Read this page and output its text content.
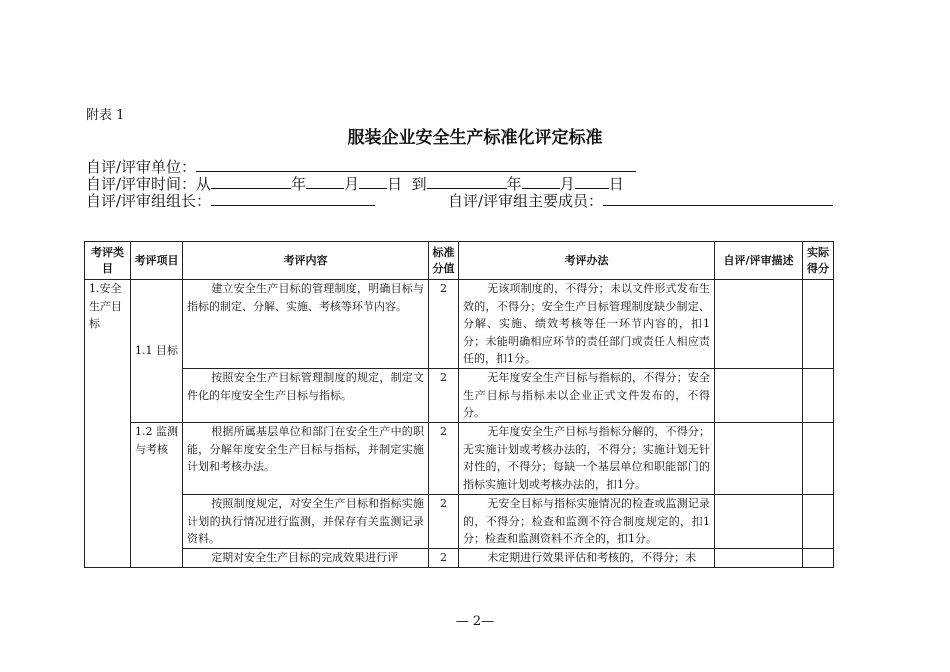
附表 1
服装企业安全生产标准化评定标准
自评/评审单位：
自评/评审时间：从	年	月 日 到	年	月 日
自评/评审组组长：	自评/评审组主要成员：
考评类目	考评项目	考评内容	标准分值	考评办法	自评/评审描述	实际得分
1.安全生产目标	1.1 目标	建立安全生产目标的管理制度，明确目标与指标的制定、分解、实施、考核等环节内容。	2	无该项制度的，不得分；未以文件形式发布生效的，不得分；安全生产目标管理制度缺少制定、分解、实施、绩效考核等任一环节内容的，扣1分；未能明确相应环节的责任部门或责任人相应责任的，扣1分。		
		按照安全生产目标管理制度的规定，制定文件化的年度安全生产目标与指标。	2	无年度安全生产目标与指标的，不得分；安全生产目标与指标未以企业正式文件发布的，不得分。		
	1.2 监测与考核	根据所属基层单位和部门在安全生产中的职能，分解年度安全生产目标与指标，并制定实施计划和考核办法。	2	无年度安全生产目标与指标分解的，不得分；无实施计划或考核办法的，不得分；实施计划无针对性的，不得分；每缺一个基层单位和职能部门的指标实施计划或考核办法的，扣1分。		
		按照制度规定，对安全生产目标和指标实施计划的执行情况进行监测，并保存有关监测记录资料。	2	无安全目标与指标实施情况的检查或监测记录的，不得分；检查和监测不符合制度规定的，扣1分；检查和监测资料不齐全的，扣1分。		
		定期对安全生产目标的完成效果进行评	2	未定期进行效果评估和考核的，不得分；未		
— 2—
